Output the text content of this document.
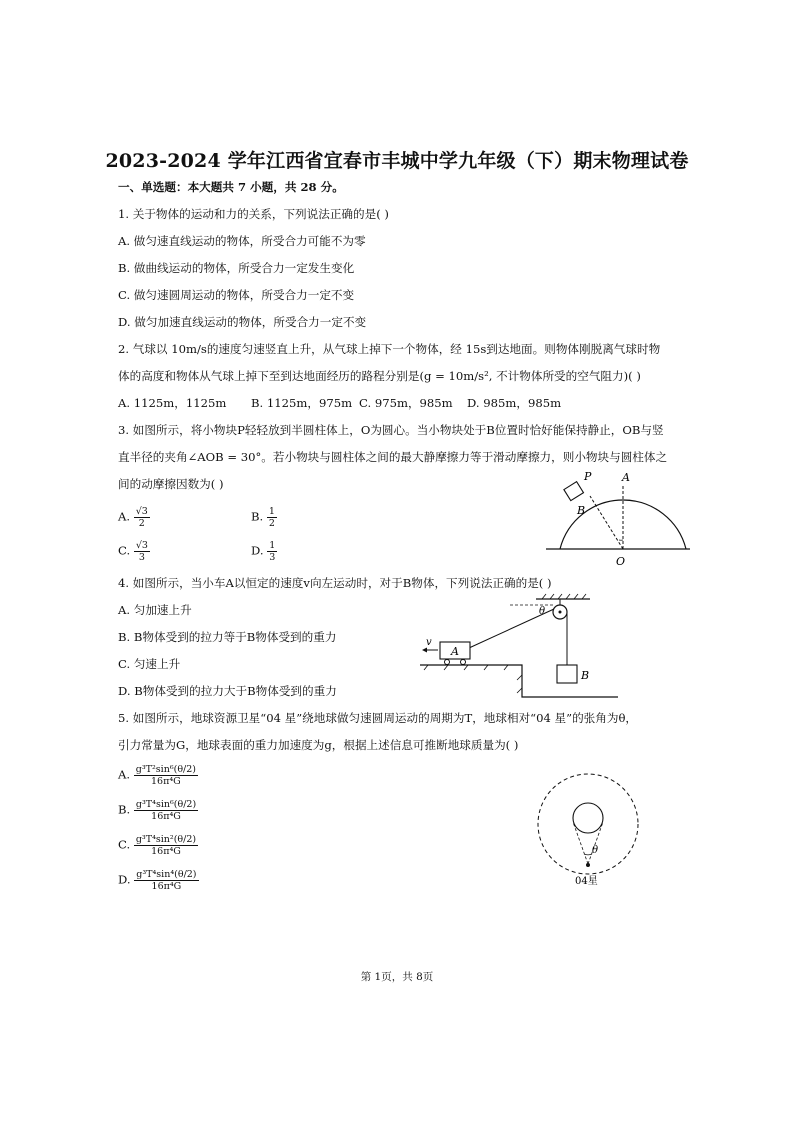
2023-2024 学年江西省宜春市丰城中学九年级（下）期末物理试卷
一、单选题：本大题共 7 小题，共 28 分。
1. 关于物体的运动和力的关系，下列说法正确的是( )
A. 做匀速直线运动的物体，所受合力可能不为零
B. 做曲线运动的物体，所受合力一定发生变化
C. 做匀速圆周运动的物体，所受合力一定不变
D. 做匀加速直线运动的物体，所受合力一定不变
2. 气球以 10m/s的速度匀速竖直上升，从气球上掉下一个物体，经 15s到达地面。则物体刚脱离气球时物
体的高度和物体从气球上掉下至到达地面经历的路程分别是(g = 10m/s², 不计物体所受的空气阻力)( )
A. 1125m，1125m B. 1125m，975m C. 975m，985m D. 985m，985m
3. 如图所示，将小物块P轻轻放到半圆柱体上，O为圆心。当小物块处于B位置时恰好能保持静止，OB与竖
直半径的夹角∠AOB = 30°。若小物块与圆柱体之间的最大静摩擦力等于滑动摩擦力，则小物块与圆柱体之
间的动摩擦因数为( )
A. $\frac{√3}{2}$	B. $\frac{1}{2}$
C. $\frac{√3}{3}$	D. $\frac{1}{3}$
P	A
B
O
4. 如图所示，当小车A以恒定的速度v向左运动时，对于B物体，下列说法正确的是( )
A. 匀加速上升
B. B物体受到的拉力等于B物体受到的重力
C. 匀速上升
D. B物体受到的拉力大于B物体受到的重力
θ
B
A
v
5. 如图所示，地球资源卫星“04 星”绕地球做匀速圆周运动的周期为T，地球相对“04 星”的张角为θ，
引力常量为G，地球表面的重力加速度为g，根据上述信息可推断地球质量为( )
A. $\frac{\text{g³T²sin⁶(θ/2)}}{\text{16π⁴G}}$
B. $\frac{\text{g³T⁴sin⁶(θ/2)}}{\text{16π⁴G}}$
C. $\frac{\text{g³T⁴sin²(θ/2)}}{\text{16π⁴G}}$
D. $\frac{\text{g³T⁴sin⁴(θ/2)}}{\text{16π⁴G}}$
θ
04星
第 1页，共 8页
